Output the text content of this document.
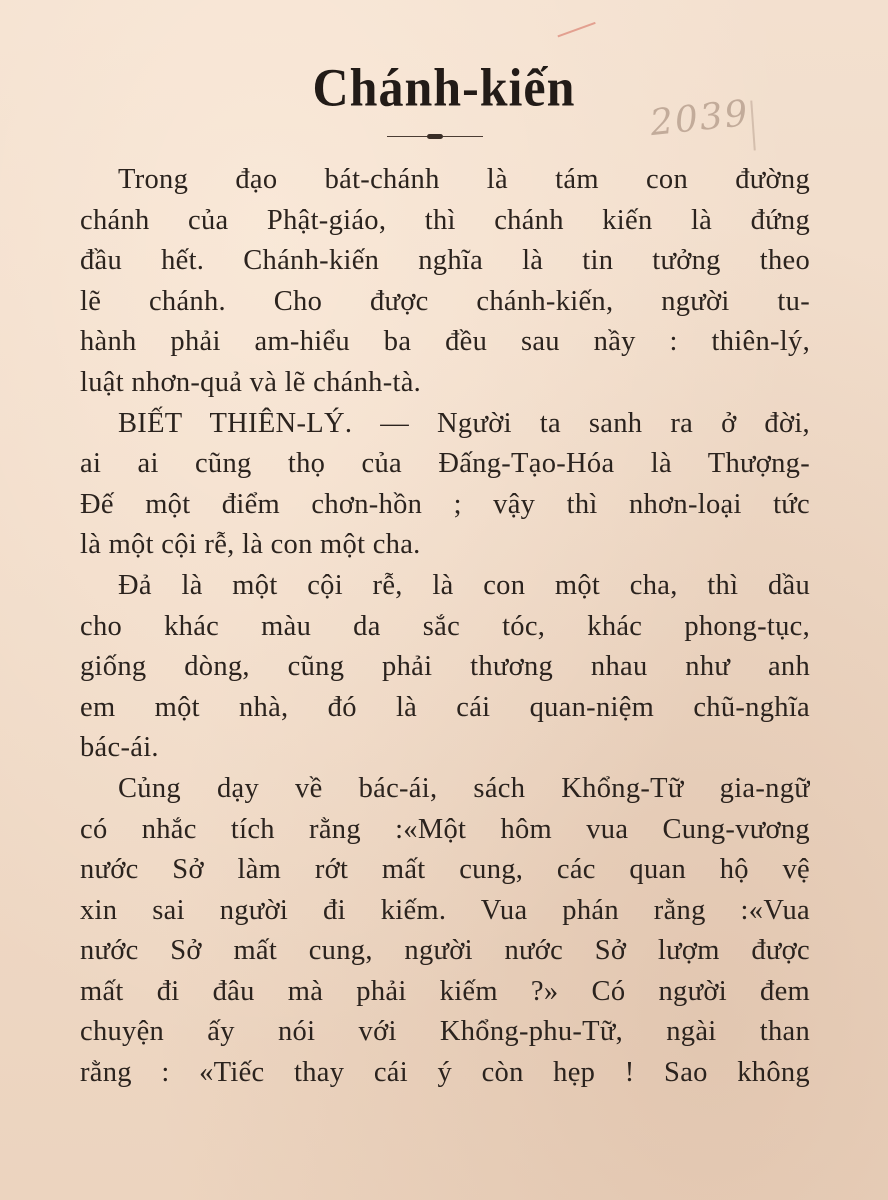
Chánh-kiến
2039
Trong đạo bát-chánh là tám con đường
chánh của Phật-giáo, thì chánh kiến là đứng
đầu hết. Chánh-kiến nghĩa là tin tưởng theo
lẽ chánh. Cho được chánh-kiến, người tu-
hành phải am-hiểu ba đều sau nầy : thiên-lý,
luật nhơn-quả và lẽ chánh-tà.
BIẾT THIÊN-LÝ. — Người ta sanh ra ở đời,
ai ai cũng thọ của Đấng-Tạo-Hóa là Thượng-
Đế một điểm chơn-hồn ; vậy thì nhơn-loại tức
là một cội rễ, là con một cha.
Đả là một cội rễ, là con một cha, thì dầu
cho khác màu da sắc tóc, khác phong-tục,
giống dòng, cũng phải thương nhau như anh
em một nhà, đó là cái quan-niệm chũ-nghĩa
bác-ái.
Củng dạy về bác-ái, sách Khổng-Tữ gia-ngữ
có nhắc tích rằng :«Một hôm vua Cung-vương
nước Sở làm rớt mất cung, các quan hộ vệ
xin sai người đi kiếm. Vua phán rằng :«Vua
nước Sở mất cung, người nước Sở lượm được
mất đi đâu mà phải kiếm ?» Có người đem
chuyện ấy nói với Khổng-phu-Tữ, ngài than
rằng : «Tiếc thay cái ý còn hẹp ! Sao không
